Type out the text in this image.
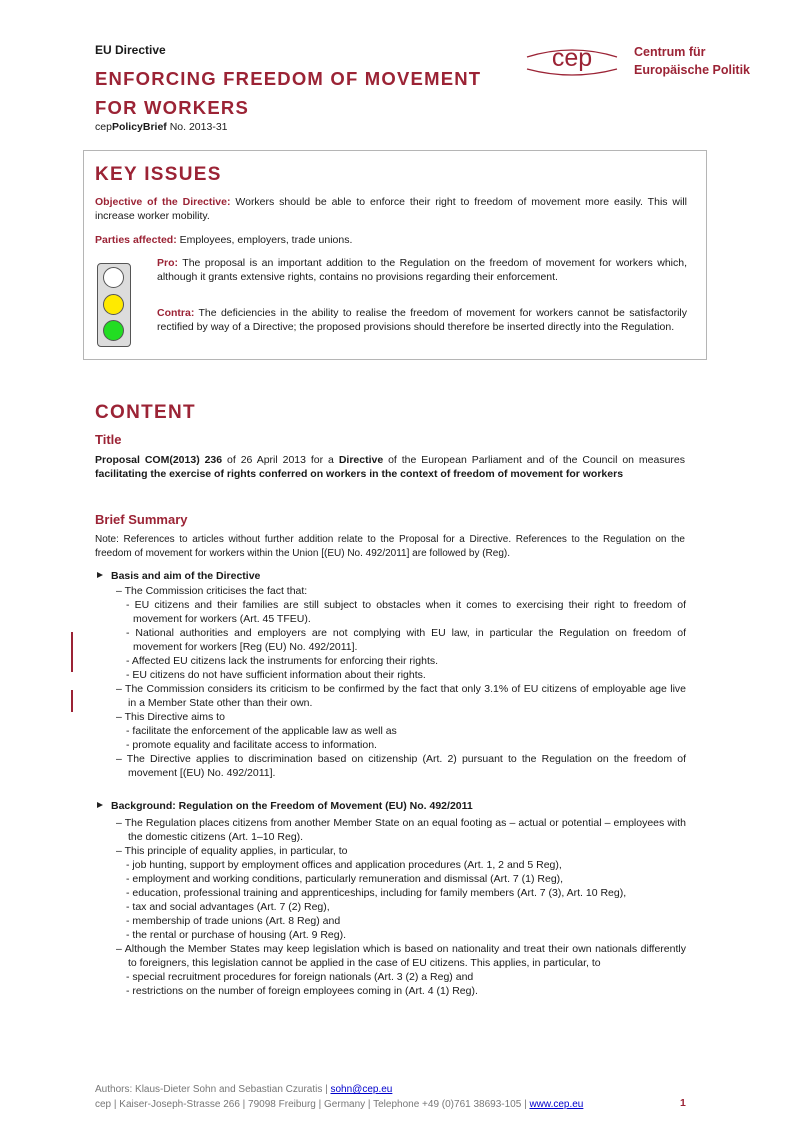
EU Directive
ENFORCING FREEDOM OF MOVEMENT
FOR WORKERS
cepPolicyBrief No. 2013-31
cep	Centrum für
Europäische Politik
KEY ISSUES
Objective of the Directive: Workers should be able to enforce their right to freedom of movement more easily. This will increase worker mobility.
Parties affected: Employees, employers, trade unions.
Pro: The proposal is an important addition to the Regulation on the freedom of movement for workers which, although it grants extensive rights, contains no provisions regarding their enforcement.
Contra: The deficiencies in the ability to realise the freedom of movement for workers cannot be satisfactorily rectified by way of a Directive; the proposed provisions should therefore be inserted directly into the Regulation.
CONTENT
Title
Proposal COM(2013) 236 of 26 April 2013 for a Directive of the European Parliament and of the Council on measures facilitating the exercise of rights conferred on workers in the context of freedom of movement for workers
Brief Summary
Note: References to articles without further addition relate to the Proposal for a Directive. References to the Regulation on the freedom of movement for workers within the Union [(EU) No. 492/2011] are followed by (Reg).
Basis and aim of the Directive
– The Commission criticises the fact that:
- EU citizens and their families are still subject to obstacles when it comes to exercising their right to freedom of movement for workers (Art. 45 TFEU).
- National authorities and employers are not complying with EU law, in particular the Regulation on freedom of movement for workers [Reg (EU) No. 492/2011].
- Affected EU citizens lack the instruments for enforcing their rights.
- EU citizens do not have sufficient information about their rights.
– The Commission considers its criticism to be confirmed by the fact that only 3.1% of EU citizens of employable age live in a Member State other than their own.
– This Directive aims to
- facilitate the enforcement of the applicable law as well as
- promote equality and facilitate access to information.
– The Directive applies to discrimination based on citizenship (Art. 2) pursuant to the Regulation on the freedom of movement [(EU) No. 492/2011].
Background: Regulation on the Freedom of Movement (EU) No. 492/2011
– The Regulation places citizens from another Member State on an equal footing as – actual or potential – employees with the domestic citizens (Art. 1–10 Reg).
– This principle of equality applies, in particular, to
- job hunting, support by employment offices and application procedures (Art. 1, 2 and 5 Reg),
- employment and working conditions, particularly remuneration and dismissal (Art. 7 (1) Reg),
- education, professional training and apprenticeships, including for family members (Art. 7 (3), Art. 10 Reg),
- tax and social advantages (Art. 7 (2) Reg),
- membership of trade unions (Art. 8 Reg) and
- the rental or purchase of housing (Art. 9 Reg).
– Although the Member States may keep legislation which is based on nationality and treat their own nationals differently to foreigners, this legislation cannot be applied in the case of EU citizens. This applies, in particular, to
- special recruitment procedures for foreign nationals (Art. 3 (2) a Reg) and
- restrictions on the number of foreign employees coming in (Art. 4 (1) Reg).
Authors: Klaus-Dieter Sohn and Sebastian Czuratis | sohn@cep.eu
cep | Kaiser-Joseph-Strasse 266 | 79098 Freiburg | Germany | Telephone +49 (0)761 38693-105 | www.cep.eu	1
